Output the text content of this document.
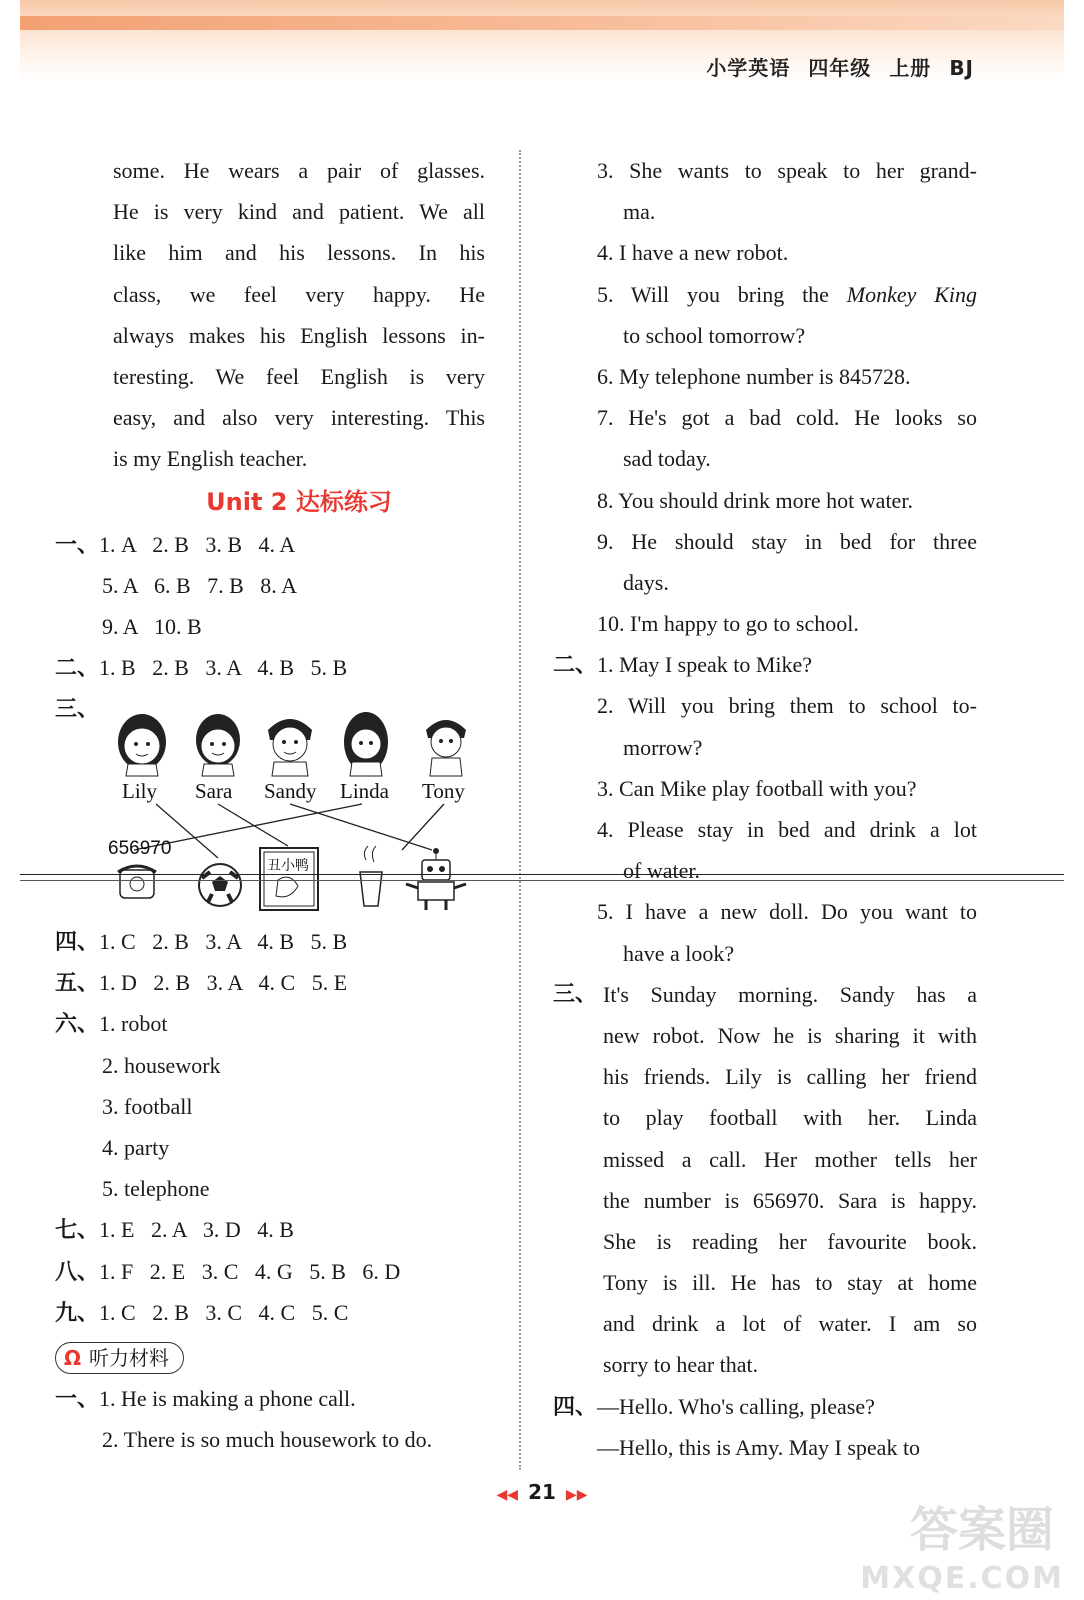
小学英语 四年级 上册 BJ
some. He wears a pair of glasses.
He is very kind and patient. We all
like him and his lessons. In his
class, we feel very happy. He
always makes his English lessons in-
teresting. We feel English is very
easy, and also very interesting. This
is my English teacher.
Unit 2 达标练习
一、1. A   2. B   3. B   4. A
5. A   6. B   7. B   8. A
9. A   10. B
二、1. B   2. B   3. A   4. B   5. B
三、
Lily Sara Sandy Linda Tony
656970
丑小鸭
四、1. C   2. B   3. A   4. B   5. B
五、1. D   2. B   3. A   4. C   5. E
六、1. robot
2. housework
3. football
4. party
5. telephone
七、1. E   2. A   3. D   4. B
八、1. F   2. E   3. C   4. G   5. B   6. D
九、1. C   2. B   3. C   4. C   5. C
Ω 听力材料
一、1. He is making a phone call.
2. There is so much housework to do.
3. She wants to speak to her grand-
ma.
4. I have a new robot.
5. Will you bring the Monkey King
to school tomorrow?
6. My telephone number is 845728.
7. He's got a bad cold. He looks so
sad today.
8. You should drink more hot water.
9. He should stay in bed for three
days.
10. I'm happy to go to school.
二、1. May I speak to Mike?
2. Will you bring them to school to-
morrow?
3. Can Mike play football with you?
4. Please stay in bed and drink a lot
of water.
5. I have a new doll. Do you want to
have a look?
三、 It's Sunday morning. Sandy has a
new robot. Now he is sharing it with
his friends. Lily is calling her friend
to play football with her. Linda
missed a call. Her mother tells her
the number is 656970. Sara is happy.
She is reading her favourite book.
Tony is ill. He has to stay at home
and drink a lot of water. I am so
sorry to hear that.
四、—Hello. Who's calling, please?
—Hello, this is Amy. May I speak to
◀◀ 21 ▶▶
答案圈
MXQE.COM
